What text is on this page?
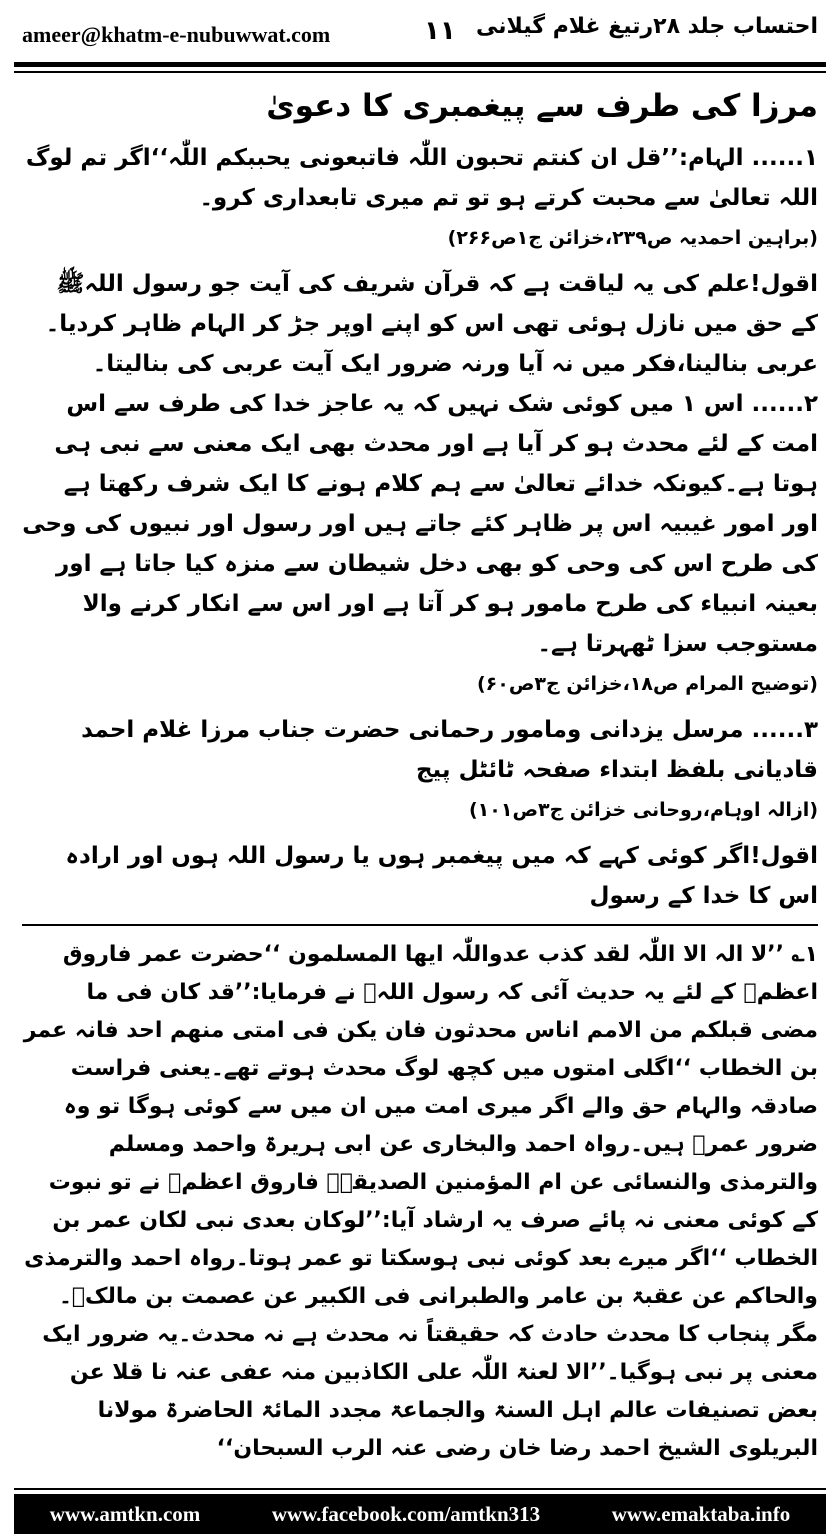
ameer@khatm-e-nubuwwat.com	١١ احتساب جلد ۲۸رتیغ غلام گیلانی
مرزا کی طرف سے پیغمبری کا دعویٰ

۱...... الہام:’’قل ان کنتم تحبون اللّٰہ فاتبعونی یحببکم اللّٰہ‘‘اگر تم لوگ اللہ تعالیٰ سے محبت کرتے ہو تو تم میری تابعداری کرو۔

(براہین احمدیہ ص۲۳۹،خزائن ج۱ص۲۶۶)

اقول!علم کی یہ لیاقت ہے کہ قرآن شریف کی آیت جو رسول اللہﷺ کے حق میں نازل ہوئی تھی اس کو اپنے اوپر جڑ کر الہام ظاہر کردیا۔عربی بنالینا،فکر میں نہ آیا ورنہ ضرور ایک آیت عربی کی بنالیتا۔

۲...... اس ۱ میں کوئی شک نہیں کہ یہ عاجز خدا کی طرف سے اس امت کے لئے محدث ہو کر آیا ہے اور محدث بھی ایک معنی سے نبی ہی ہوتا ہے۔کیونکہ خدائے تعالیٰ سے ہم کلام ہونے کا ایک شرف رکھتا ہے اور امور غیبیہ اس پر ظاہر کئے جاتے ہیں اور رسول اور نبیوں کی وحی کی طرح اس کی وحی کو بھی دخل شیطان سے منزہ کیا جاتا ہے اور بعینہ انبیاء کی طرح مامور ہو کر آتا ہے اور اس سے انکار کرنے والا مستوجب سزا ٹھہرتا ہے۔

(توضیح المرام ص۱۸،خزائن ج۳ص۶۰)

۳...... مرسل یزدانی ومامور رحمانی حضرت جناب مرزا غلام احمد قادیانی بلفظ ابتداء صفحہ ٹائٹل پیج

(ازالہ اوہام،روحانی خزائن ج۳ص۱۰۱)

اقول!اگر کوئی کہے کہ میں پیغمبر ہوں یا رسول اللہ ہوں اور ارادہ اس کا خدا کے رسول

۱؎ ’’لا الہ الا اللّٰہ لقد کذب عدواللّٰہ ایھا المسلمون ‘‘حضرت عمر فاروق اعظمؓ کے لئے یہ حدیث آئی کہ رسول اللہﷺ نے فرمایا:’’قد کان فی ما مضی قبلکم من الامم اناس محدثون فان یکن فی امتی منھم احد فانہ عمر بن الخطاب ‘‘اگلی امتوں میں کچھ لوگ محدث ہوتے تھے۔یعنی فراست صادقہ والہام حق والے اگر میری امت میں ان میں سے کوئی ہوگا تو وہ ضرور عمرؓ ہیں۔رواہ احمد والبخاری عن ابی ہریرۃ واحمد ومسلم والترمذی والنسائی عن ام المؤمنین الصدیقۃؓ فاروق اعظمؓ نے تو نبوت کے کوئی معنی نہ پائے صرف یہ ارشاد آیا:’’لوکان بعدی نبی لکان عمر بن الخطاب ‘‘اگر میرے بعد کوئی نبی ہوسکتا تو عمر ہوتا۔رواہ احمد والترمذی والحاکم عن عقبۃ بن عامر والطبرانی فی الکبیر عن عصمت بن مالکؓ۔مگر پنجاب کا محدث حادث کہ حقیقتاً نہ محدث ہے نہ محدث۔یہ ضرور ایک معنی پر نبی ہوگیا۔’’الا لعنۃ اللّٰہ علی الکاذبین منہ عفی عنہ نا قلا عن بعض تصنیفات عالم اہل السنۃ والجماعۃ مجدد المائۃ الحاضرۃ مولانا البریلوی الشیخ احمد رضا خان رضی عنہ الرب السبحان‘‘

www.amtkn.com	www.facebook.com/amtkn313	www.emaktaba.info
